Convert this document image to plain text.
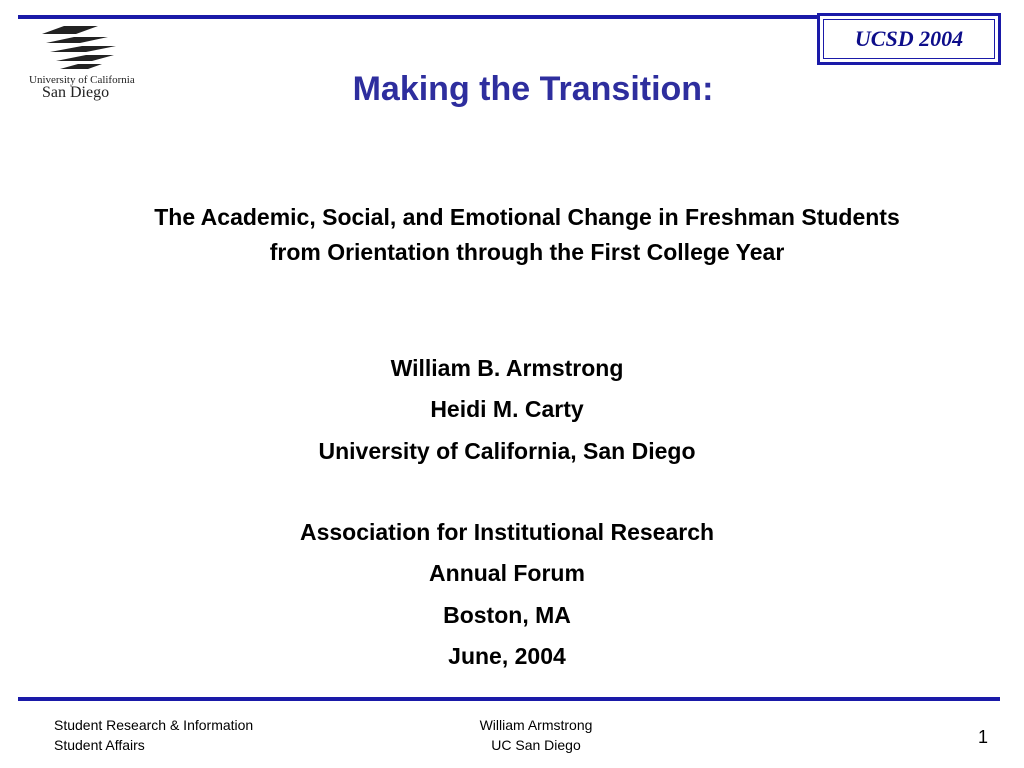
UCSD 2004
University of California
San Diego	Making the Transition:
The Academic, Social, and Emotional Change in Freshman Students from Orientation through the First College Year
William B. Armstrong
Heidi M. Carty
University of California, San Diego
Association for Institutional Research
Annual Forum
Boston, MA
June, 2004
Student Research & Information
Student Affairs
William Armstrong
UC San Diego	1
